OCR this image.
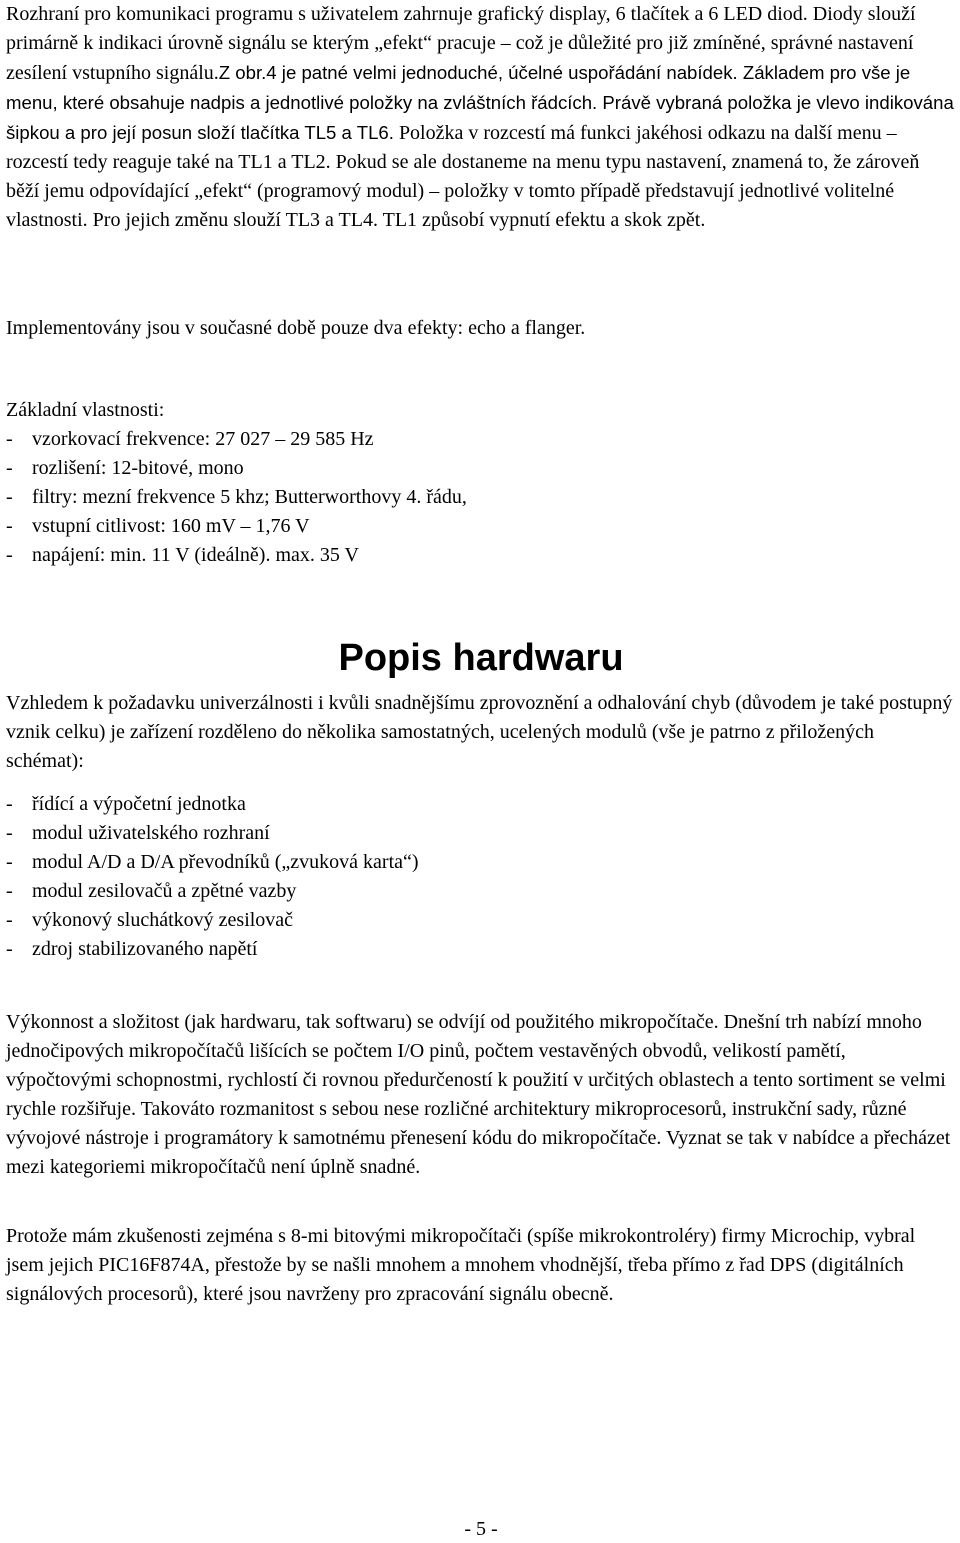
Rozhraní pro komunikaci programu s uživatelem zahrnuje grafický display, 6 tlačítek a 6 LED diod. Diody slouží primárně k indikaci úrovně signálu se kterým „efekt“ pracuje – což je důležité pro již zmíněné, správné nastavení zesílení vstupního signálu.Z obr.4 je patné velmi jednoduché, účelné uspořádání nabídek. Základem pro vše je menu, které obsahuje nadpis a jednotlivé položky na zvláštních řádcích. Právě vybraná položka je vlevo indikována šipkou a pro její posun složí tlačítka TL5 a TL6. Položka v rozcestí má funkci jakéhosi odkazu na další menu – rozcestí tedy reaguje také na TL1 a TL2. Pokud se ale dostaneme na menu typu nastavení, znamená to, že zároveň běží jemu odpovídající „efekt“ (programový modul) – položky v tomto případě představují jednotlivé volitelné vlastnosti. Pro jejich změnu slouží TL3 a TL4. TL1 způsobí vypnutí efektu a skok zpět.

Implementovány jsou v současné době pouze dva efekty: echo a flanger.

Základní vlastnosti:

- vzorkovací frekvence: 27 027 – 29 585 Hz
- rozlišení: 12-bitové, mono
- filtry: mezní frekvence 5 khz; Butterworthovy 4. řádu,
- vstupní citlivost: 160 mV – 1,76 V
- napájení: min. 11 V (ideálně). max. 35 V
Popis hardwaru

Vzhledem k požadavku univerzálnosti i kvůli snadnějšímu zprovoznění a odhalování chyb (důvodem je také postupný vznik celku) je zařízení rozděleno do několika samostatných, ucelených modulů (vše je patrno z přiložených schémat):

- řídící a výpočetní jednotka
- modul uživatelského rozhraní
- modul A/D a D/A převodníků („zvuková karta“)
- modul zesilovačů a zpětné vazby
- výkonový sluchátkový zesilovač
- zdroj stabilizovaného napětí

Výkonnost a složitost (jak hardwaru, tak softwaru) se odvíjí od použitého mikropočítače. Dnešní trh nabízí mnoho jednočipových mikropočítačů lišících se počtem I/O pinů, počtem vestavěných obvodů, velikostí pamětí, výpočtovými schopnostmi, rychlostí či rovnou předurčeností k použití v určitých oblastech a tento sortiment se velmi rychle rozšiřuje. Takováto rozmanitost s sebou nese rozličné architektury mikroprocesorů, instrukční sady, různé vývojové nástroje i programátory k samotnému přenesení kódu do mikropočítače. Vyznat se tak v nabídce a přecházet mezi kategoriemi mikropočítačů není úplně snadné.

Protože mám zkušenosti zejména s 8-mi bitovými mikropočítači (spíše mikrokontroléry) firmy Microchip, vybral jsem jejich PIC16F874A, přestože by se našli mnohem a mnohem vhodnější, třeba přímo z řad DPS (digitálních signálových procesorů), které jsou navrženy pro zpracování signálu obecně.

- 5 -
